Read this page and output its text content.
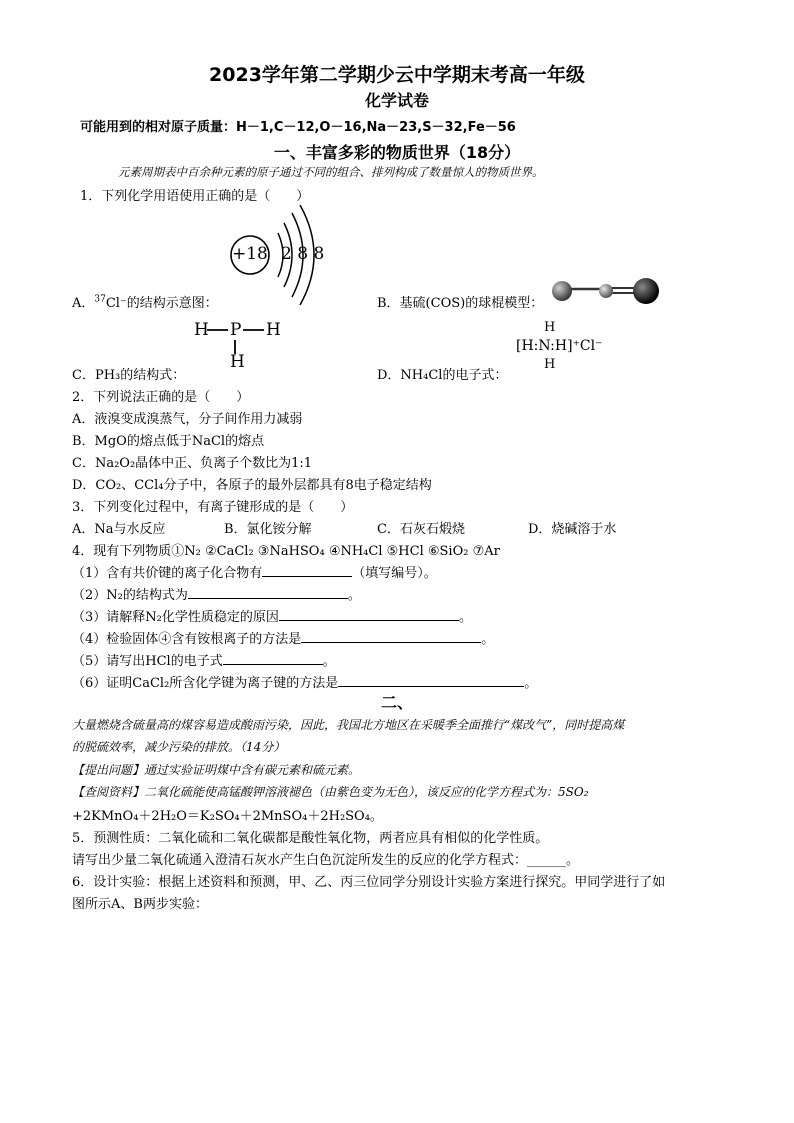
2023学年第二学期少云中学期末考高一年级
化学试卷
可能用到的相对原子质量：H－1,C－12,O－16,Na－23,S－32,Fe－56
一、丰富多彩的物质世界（18分）
元素周期表中百余种元素的原子通过不同的组合、排列构成了数量惊人的物质世界。
1．下列化学用语使用正确的是（　　）
+18 2 8 8
A．$^{37}$Cl⁻的结构示意图：	B．基硫(COS)的球棍模型：
H P H
H
H
[H:N:H]⁺Cl⁻
H
C．PH₃的结构式：	D．NH₄Cl的电子式：
2．下列说法正确的是（　　）
A．液溴变成溴蒸气，分子间作用力减弱
B．MgO的熔点低于NaCl的熔点
C．Na₂O₂晶体中正、负离子个数比为1:1
D．CO₂、CCl₄分子中，各原子的最外层都具有8电子稳定结构
3．下列变化过程中，有离子键形成的是（　　）
A．Na与水反应	B．氯化铵分解	C．石灰石煅烧	D．烧碱溶于水
4．现有下列物质①N₂ ②CaCl₂ ③NaHSO₄ ④NH₄Cl ⑤HCl ⑥SiO₂ ⑦Ar
（1）含有共价键的离子化合物有	（填写编号）。
（2）N₂的结构式为	。
（3）请解释N₂化学性质稳定的原因	。
（4）检验固体④含有铵根离子的方法是	。
（5）请写出HCl的电子式	。
（6）证明CaCl₂所含化学键为离子键的方法是	。
二、
大量燃烧含硫量高的煤容易造成酸雨污染，因此，我国北方地区在采暖季全面推行“煤改气”，同时提高煤
的脱硫效率，减少污染的排放。（14分）
【提出问题】通过实验证明煤中含有碳元素和硫元素。
【查阅资料】二氧化硫能使高锰酸钾溶液褪色（由紫色变为无色），该反应的化学方程式为：5SO₂
+2KMnO₄＋2H₂O＝K₂SO₄＋2MnSO₄＋2H₂SO₄。
5．预测性质：二氧化硫和二氧化碳都是酸性氧化物，两者应具有相似的化学性质。
请写出少量二氧化硫通入澄清石灰水产生白色沉淀所发生的反应的化学方程式：______。
6．设计实验：根据上述资料和预测，甲、乙、丙三位同学分别设计实验方案进行探究。甲同学进行了如
图所示A、B两步实验：
